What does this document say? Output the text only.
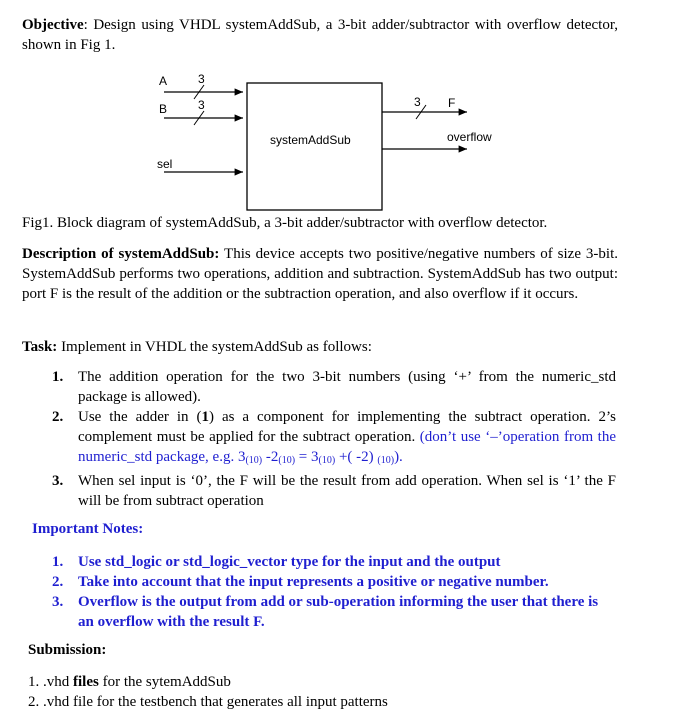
Objective: Design using VHDL systemAddSub, a 3-bit adder/subtractor with overflow detector, shown in Fig 1.

A	3
B	3
sel
systemAddSub
3 F
overflow

Fig1. Block diagram of systemAddSub, a 3-bit adder/subtractor with overflow detector.

Description of systemAddSub: This device accepts two positive/negative numbers of size 3-bit. SystemAddSub performs two operations, addition and subtraction. SystemAddSub has two output: port F is the result of the addition or the subtraction operation, and also overflow if it occurs.

Task: Implement in VHDL the systemAddSub as follows:

1. The addition operation for the two 3-bit numbers (using ‘+’ from the numeric_std package is allowed).
2. Use the adder in (1) as a component for implementing the subtract operation. 2’s complement must be applied for the subtract operation. (don’t use ‘–’operation from the numeric_std package, e.g. $3_{(10)}$ $-2_{(10)} = 3_{(10)}$ +( -2) $_{(10)}$).
3. When sel input is ‘0’, the F will be the result from add operation. When sel is ‘1’ the F will be from subtract operation
Important Notes:
1. Use std_logic or std_logic_vector type for the input and the output
2. Take into account that the input represents a positive or negative number.
3. Overflow is the output from add or sub-operation informing the user that there is an overflow with the result F.
Submission:
1. .vhd files for the sytemAddSub
2. .vhd file for the testbench that generates all input patterns
